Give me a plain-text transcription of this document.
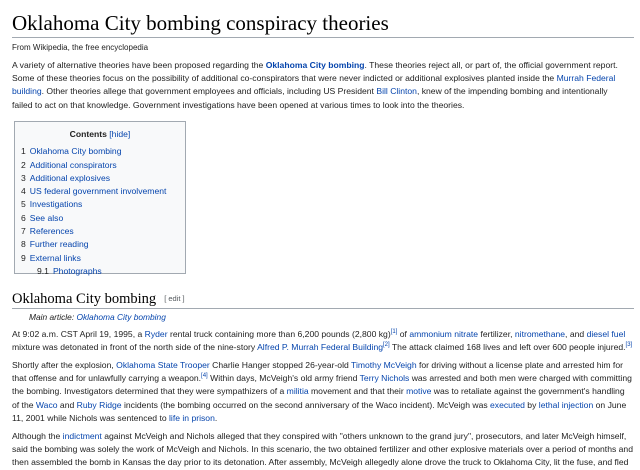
Oklahoma City bombing conspiracy theories
From Wikipedia, the free encyclopedia

A variety of alternative theories have been proposed regarding the Oklahoma City bombing. These theories reject all, or part of, the official government report. Some of these theories focus on the possibility of additional co-conspirators that were never indicted or additional explosives planted inside the Murrah Federal building. Other theories allege that government employees and officials, including US President Bill Clinton, knew of the impending bombing and intentionally failed to act on that knowledge. Government investigations have been opened at various times to look into the theories.

Contents [hide]
1 Oklahoma City bombing
2 Additional conspirators
3 Additional explosives
4 US federal government involvement
5 Investigations
6 See also
7 References
8 Further reading
9 External links
9.1 Photographs
Oklahoma City bombing [ edit ]
Main article: Oklahoma City bombing

At 9:02 a.m. CST April 19, 1995, a Ryder rental truck containing more than 6,200 pounds (2,800 kg)[1] of ammonium nitrate fertilizer, nitromethane, and diesel fuel mixture was detonated in front of the north side of the nine-story Alfred P. Murrah Federal Building[2] The attack claimed 168 lives and left over 600 people injured.[3]

Shortly after the explosion, Oklahoma State Trooper Charlie Hanger stopped 26-year-old Timothy McVeigh for driving without a license plate and arrested him for that offense and for unlawfully carrying a weapon.[4] Within days, McVeigh's old army friend Terry Nichols was arrested and both men were charged with committing the bombing. Investigators determined that they were sympathizers of a militia movement and that their motive was to retaliate against the government's handling of the Waco and Ruby Ridge incidents (the bombing occurred on the second anniversary of the Waco incident). McVeigh was executed by lethal injection on June 11, 2001 while Nichols was sentenced to life in prison.

Although the indictment against McVeigh and Nichols alleged that they conspired with "others unknown to the grand jury", prosecutors, and later McVeigh himself, said the bombing was solely the work of McVeigh and Nichols. In this scenario, the two obtained fertilizer and other explosive materials over a period of months and then assembled the bomb in Kansas the day prior to its detonation. After assembly, McVeigh allegedly alone drove the truck to Oklahoma City, lit the fuse, and fled
